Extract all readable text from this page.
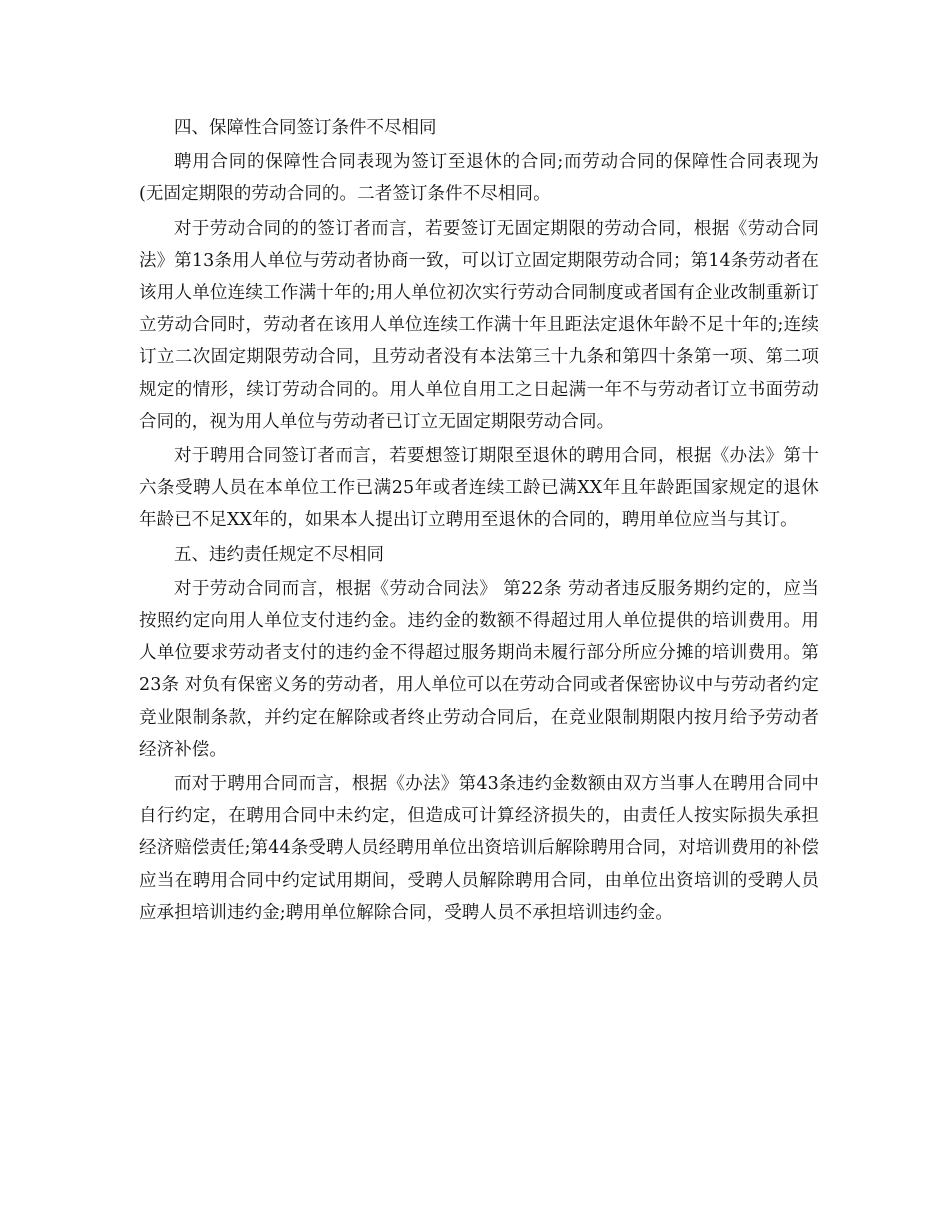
四、保障性合同签订条件不尽相同

聘用合同的保障性合同表现为签订至退休的合同;而劳动合同的保障性合同表现为(无固定期限的劳动合同的。二者签订条件不尽相同。

对于劳动合同的的签订者而言，若要签订无固定期限的劳动合同，根据《劳动合同法》第13条用人单位与劳动者协商一致，可以订立固定期限劳动合同；第14条劳动者在该用人单位连续工作满十年的;用人单位初次实行劳动合同制度或者国有企业改制重新订立劳动合同时，劳动者在该用人单位连续工作满十年且距法定退休年龄不足十年的;连续订立二次固定期限劳动合同，且劳动者没有本法第三十九条和第四十条第一项、第二项规定的情形，续订劳动合同的。用人单位自用工之日起满一年不与劳动者订立书面劳动合同的，视为用人单位与劳动者已订立无固定期限劳动合同。

对于聘用合同签订者而言，若要想签订期限至退休的聘用合同，根据《办法》第十六条受聘人员在本单位工作已满25年或者连续工龄已满XX年且年龄距国家规定的退休年龄已不足XX年的，如果本人提出订立聘用至退休的合同的，聘用单位应当与其订。

五、违约责任规定不尽相同

对于劳动合同而言，根据《劳动合同法》 第22条 劳动者违反服务期约定的，应当按照约定向用人单位支付违约金。违约金的数额不得超过用人单位提供的培训费用。用人单位要求劳动者支付的违约金不得超过服务期尚未履行部分所应分摊的培训费用。第23条 对负有保密义务的劳动者，用人单位可以在劳动合同或者保密协议中与劳动者约定竞业限制条款，并约定在解除或者终止劳动合同后，在竞业限制期限内按月给予劳动者经济补偿。

而对于聘用合同而言，根据《办法》第43条违约金数额由双方当事人在聘用合同中自行约定，在聘用合同中未约定，但造成可计算经济损失的，由责任人按实际损失承担经济赔偿责任;第44条受聘人员经聘用单位出资培训后解除聘用合同，对培训费用的补偿应当在聘用合同中约定试用期间，受聘人员解除聘用合同，由单位出资培训的受聘人员应承担培训违约金;聘用单位解除合同，受聘人员不承担培训违约金。
